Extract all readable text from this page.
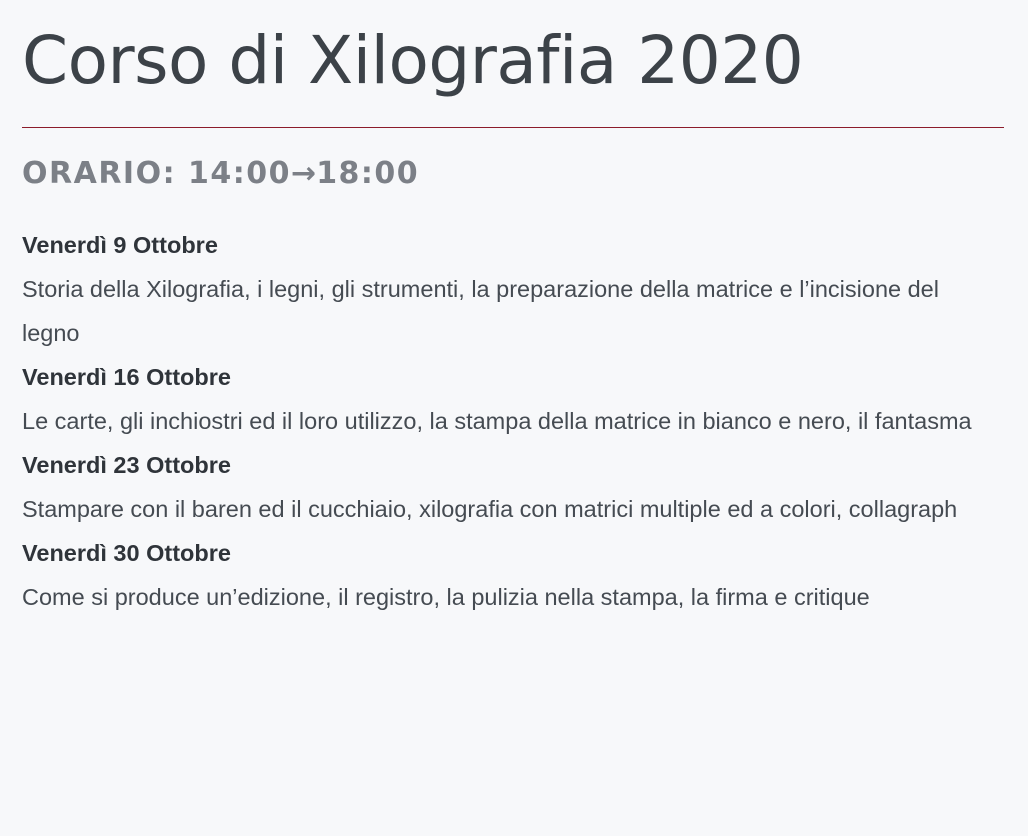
Corso di Xilografia 2020
ORARIO: 14:00→18:00
Venerdì 9 Ottobre
Storia della Xilografia, i legni, gli strumenti, la preparazione della matrice e l’incisione del legno
Venerdì 16 Ottobre
Le carte, gli inchiostri ed il loro utilizzo, la stampa della matrice in bianco e nero, il fantasma
Venerdì 23 Ottobre
Stampare con il baren ed il cucchiaio, xilografia con matrici multiple ed a colori, collagraph
Venerdì 30 Ottobre
Come si produce un’edizione, il registro, la pulizia nella stampa, la firma e critique
